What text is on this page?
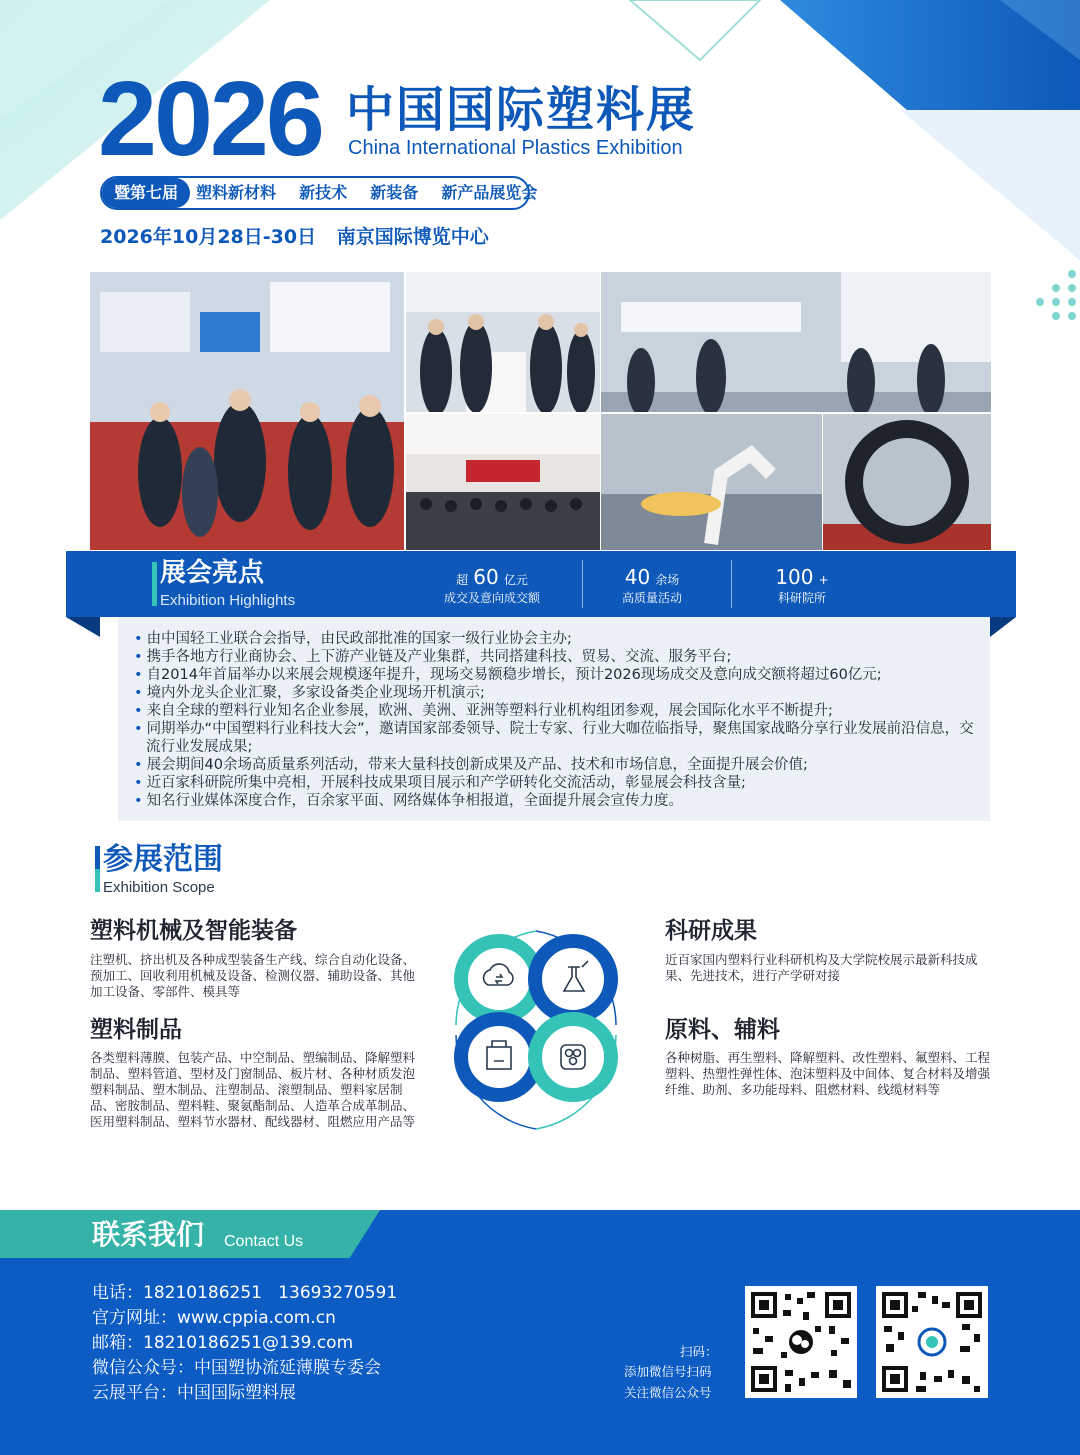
2026 中国国际塑料展
China International Plastics Exhibition
暨第七届	塑料新材料  新技术  新装备  新产品展览会
2026年10月28日-30日 南京国际博览中心
展会亮点
Exhibition Highlights
超 60 亿元
成交及意向成交额
40 余场
高质量活动
100 +
科研院所
• 由中国轻工业联合会指导，由民政部批准的国家一级行业协会主办;
• 携手各地方行业商协会、上下游产业链及产业集群，共同搭建科技、贸易、交流、服务平台;
• 自2014年首届举办以来展会规模逐年提升，现场交易额稳步增长，预计2026现场成交及意向成交额将超过60亿元;
• 境内外龙头企业汇聚，多家设备类企业现场开机演示;
• 来自全球的塑料行业知名企业参展，欧洲、美洲、亚洲等塑料行业机构组团参观，展会国际化水平不断提升;
• 同期举办“中国塑料行业科技大会”，邀请国家部委领导、院士专家、行业大咖莅临指导，聚焦国家战略分享行业发展前沿信息，交流行业发展成果;
• 展会期间40余场高质量系列活动，带来大量科技创新成果及产品、技术和市场信息，全面提升展会价值;
• 近百家科研院所集中亮相，开展科技成果项目展示和产学研转化交流活动，彰显展会科技含量;
• 知名行业媒体深度合作，百余家平面、网络媒体争相报道，全面提升展会宣传力度。
参展范围
Exhibition Scope
塑料机械及智能装备
注塑机、挤出机及各种成型装备生产线、综合自动化设备、预加工、回收利用机械及设备、检测仪器、辅助设备、其他加工设备、零部件、模具等
塑料制品
各类塑料薄膜、包装产品、中空制品、塑编制品、降解塑料制品、塑料管道、型材及门窗制品、板片材、各种材质发泡塑料制品、塑木制品、注塑制品、滚塑制品、塑料家居制品、密胺制品、塑料鞋、聚氨酯制品、人造革合成革制品、医用塑料制品、塑料节水器材、配线器材、阻燃应用产品等
科研成果
近百家国内塑料行业科研机构及大学院校展示最新科技成果、先进技术，进行产学研对接
原料、辅料
各种树脂、再生塑料、降解塑料、改性塑料、氟塑料、工程塑料、热塑性弹性体、泡沫塑料及中间体、复合材料及增强纤维、助剂、多功能母料、阻燃材料、线缆材料等
联系我们 Contact Us
电话：18210186251   13693270591
官方网址：www.cppia.com.cn
邮箱：18210186251@139.com
微信公众号：中国塑协流延薄膜专委会
云展平台：中国国际塑料展
扫码：
添加微信号扫码
关注微信公众号
